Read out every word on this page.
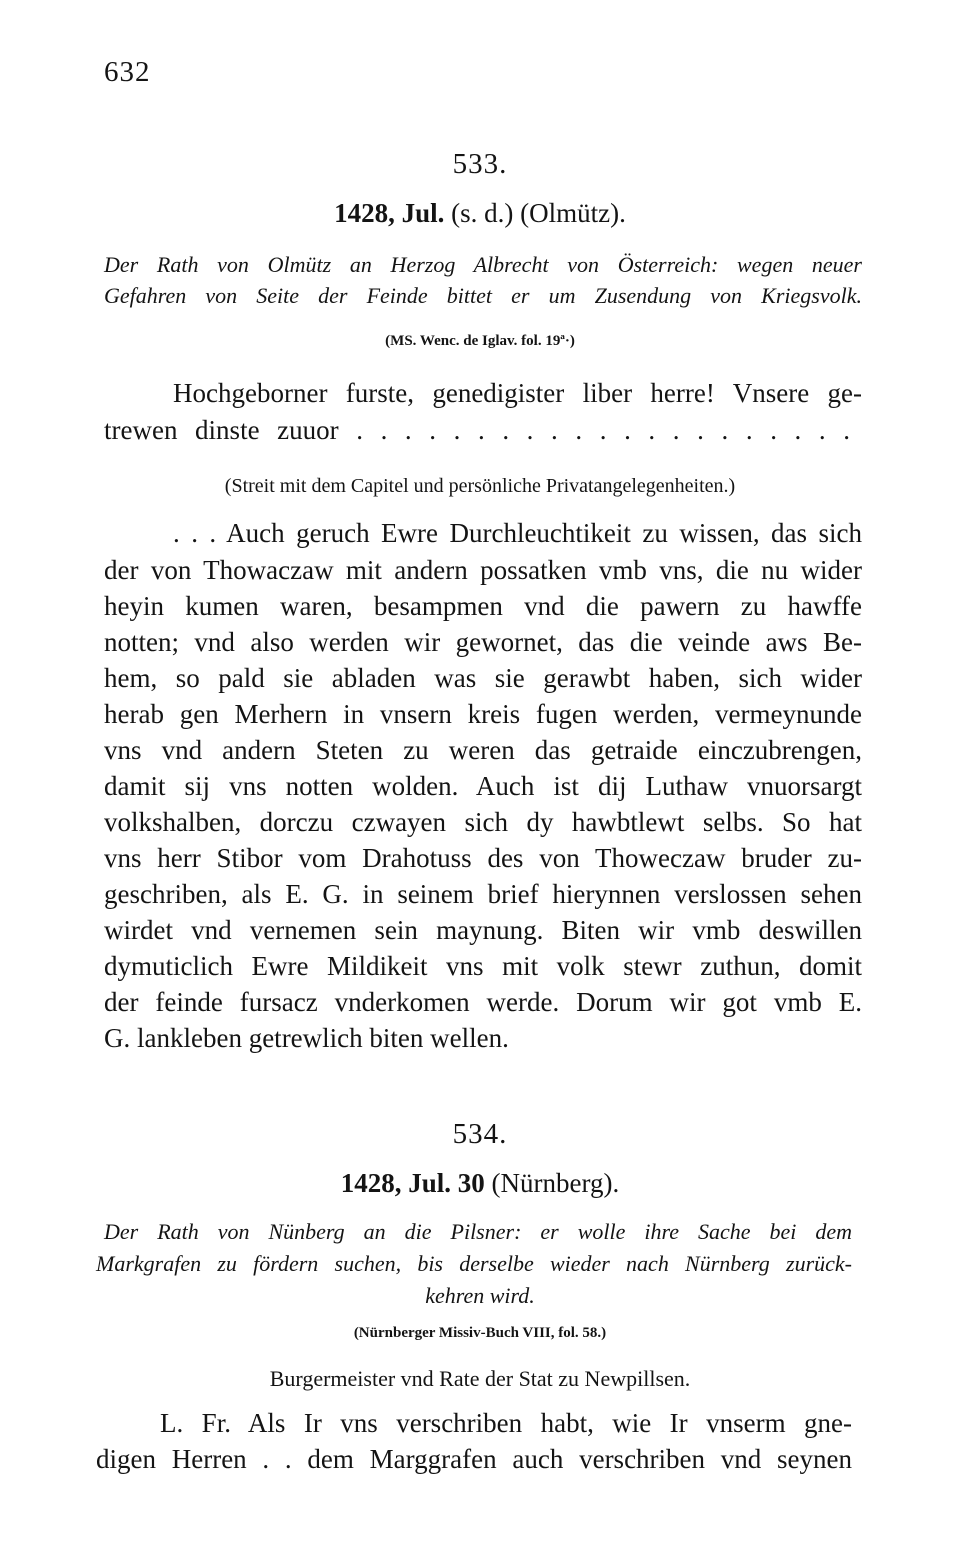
632
533.
1428, Jul. (s. d.) (Olmütz).
Der Rath von Olmütz an Herzog Albrecht von Österreich: wegen neuer
Gefahren von Seite der Feinde bittet er um Zusendung von Kriegsvolk.
(MS. Wenc. de Iglav. fol. 19ª·)
Hochgeborner furste, genedigister liber herre! Vnsere ge-
trewen dinste zuuor . . . . . . . . . . . . . . . . . . . . .
(Streit mit dem Capitel und persönliche Privatangelegenheiten.)
. . . Auch geruch Ewre Durchleuchtikeit zu wissen, das sich
der von Thowaczaw mit andern possatken vmb vns, die nu wider
heyin kumen waren, besampmen vnd die pawern zu hawffe
notten; vnd also werden wir gewornet, das die veinde aws Be-
hem, so pald sie abladen was sie gerawbt haben, sich wider
herab gen Merhern in vnsern kreis fugen werden, vermeynunde
vns vnd andern Steten zu weren das getraide einczubrengen,
damit sij vns notten wolden. Auch ist dij Luthaw vnuorsargt
volkshalben, dorczu czwayen sich dy hawbtlewt selbs. So hat
vns herr Stibor vom Drahotuss des von Thoweczaw bruder zu-
geschriben, als E. G. in seinem brief hierynnen verslossen sehen
wirdet vnd vernemen sein maynung. Biten wir vmb deswillen
dymuticlich Ewre Mildikeit vns mit volk stewr zuthun, domit
der feinde fursacz vnderkomen werde. Dorum wir got vmb E.
G. lankleben getrewlich biten wellen.
534.
1428, Jul. 30 (Nürnberg).
Der Rath von Nünberg an die Pilsner: er wolle ihre Sache bei dem
Markgrafen zu fördern suchen, bis derselbe wieder nach Nürnberg zurück-
kehren wird.
(Nürnberger Missiv-Buch VIII, fol. 58.)
Burgermeister vnd Rate der Stat zu Newpillsen.
L. Fr. Als Ir vns verschriben habt, wie Ir vnserm gne-
digen Herren . . dem Marggrafen auch verschriben vnd seynen
